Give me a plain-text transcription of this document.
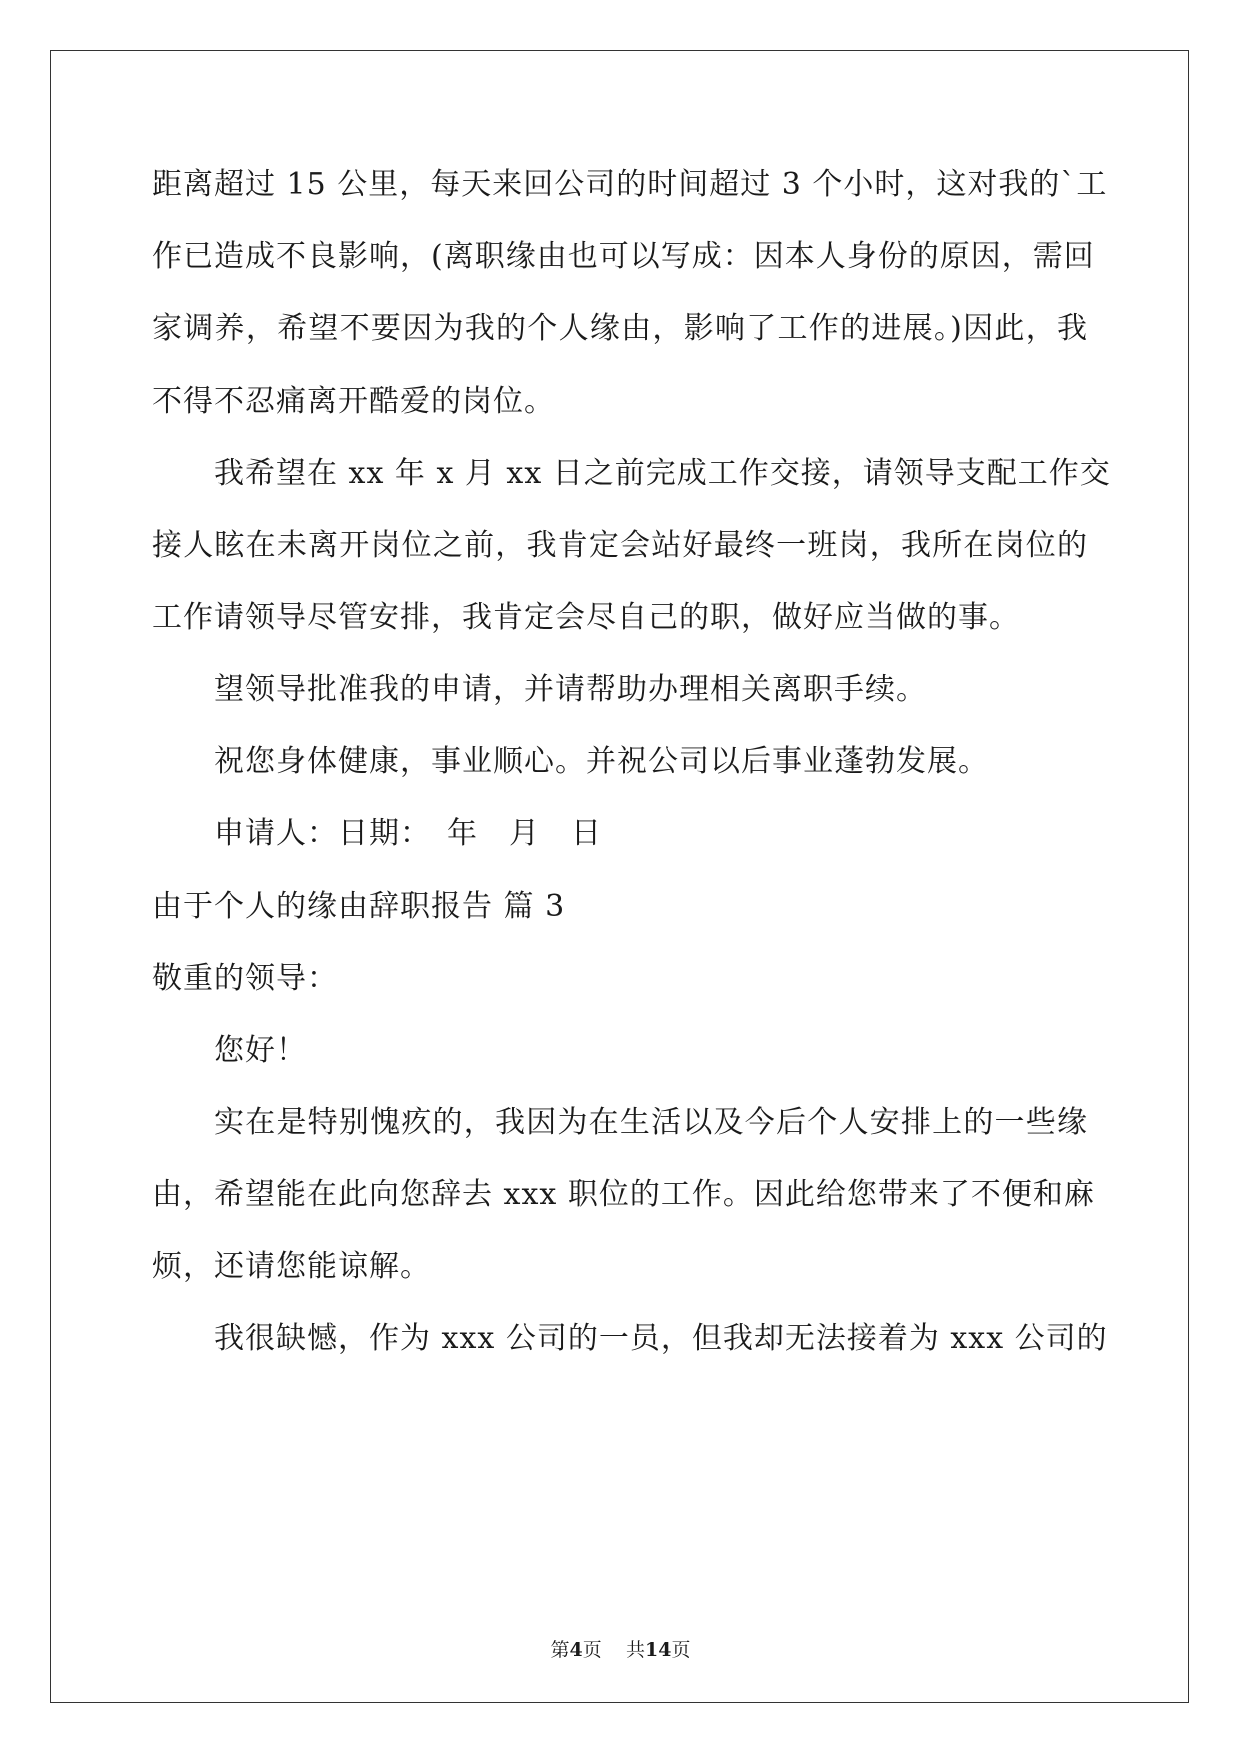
距离超过 15 公里，每天来回公司的时间超过 3 个小时，这对我的`工
作已造成不良影响，(离职缘由也可以写成：因本人身份的原因，需回
家调养，希望不要因为我的个人缘由，影响了工作的进展。)因此，我
不得不忍痛离开酷爱的岗位。
我希望在 xx 年 x 月 xx 日之前完成工作交接，请领导支配工作交
接人眩在未离开岗位之前，我肯定会站好最终一班岗，我所在岗位的
工作请领导尽管安排，我肯定会尽自己的职，做好应当做的事。
望领导批准我的申请，并请帮助办理相关离职手续。
祝您身体健康，事业顺心。并祝公司以后事业蓬勃发展。
申请人：日期：　年　月　日
由于个人的缘由辞职报告 篇 3
敬重的领导：
您好！
实在是特别愧疚的，我因为在生活以及今后个人安排上的一些缘
由，希望能在此向您辞去 xxx 职位的工作。因此给您带来了不便和麻
烦，还请您能谅解。
我很缺憾，作为 xxx 公司的一员，但我却无法接着为 xxx 公司的
第4页 共14页
